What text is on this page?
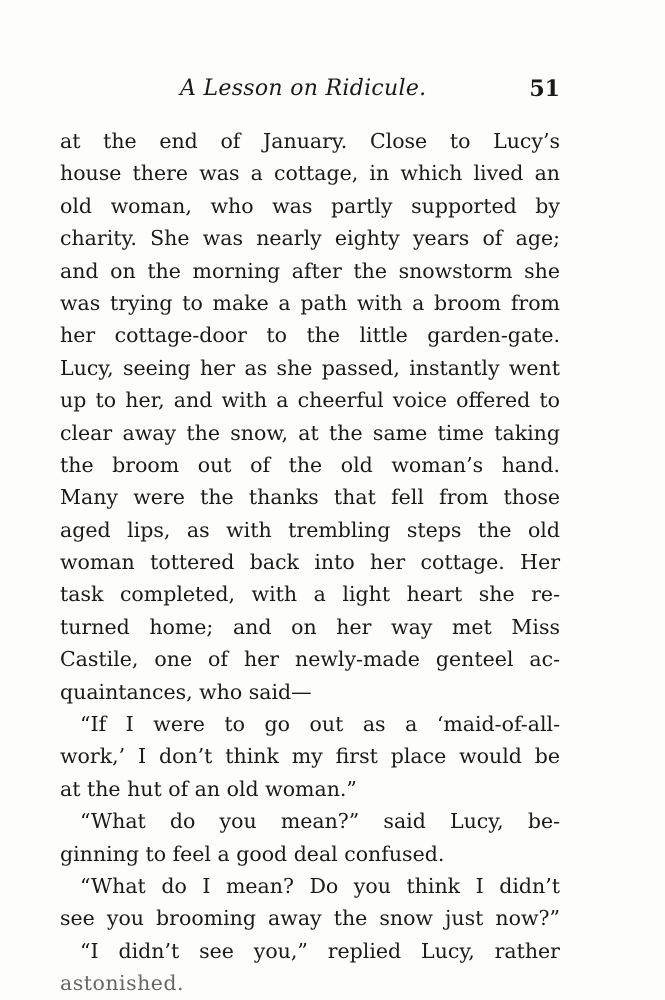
A Lesson on Ridicule.	51
at the end of January. Close to Lucy’s
house there was a cottage, in which lived an
old woman, who was partly supported by
charity. She was nearly eighty years of age;
and on the morning after the snowstorm she
was trying to make a path with a broom from
her cottage-door to the little garden-gate.
Lucy, seeing her as she passed, instantly went
up to her, and with a cheerful voice offered to
clear away the snow, at the same time taking
the broom out of the old woman’s hand.
Many were the thanks that fell from those
aged lips, as with trembling steps the old
woman tottered back into her cottage. Her
task completed, with a light heart she re-
turned home; and on her way met Miss
Castile, one of her newly-made genteel ac-
quaintances, who said—
“If I were to go out as a ‘maid-of-all-
work,’ I don’t think my first place would be
at the hut of an old woman.”
“What do you mean?” said Lucy, be-
ginning to feel a good deal confused.
“What do I mean? Do you think I didn’t
see you brooming away the snow just now?”
“I didn’t see you,” replied Lucy, rather
astonished.
